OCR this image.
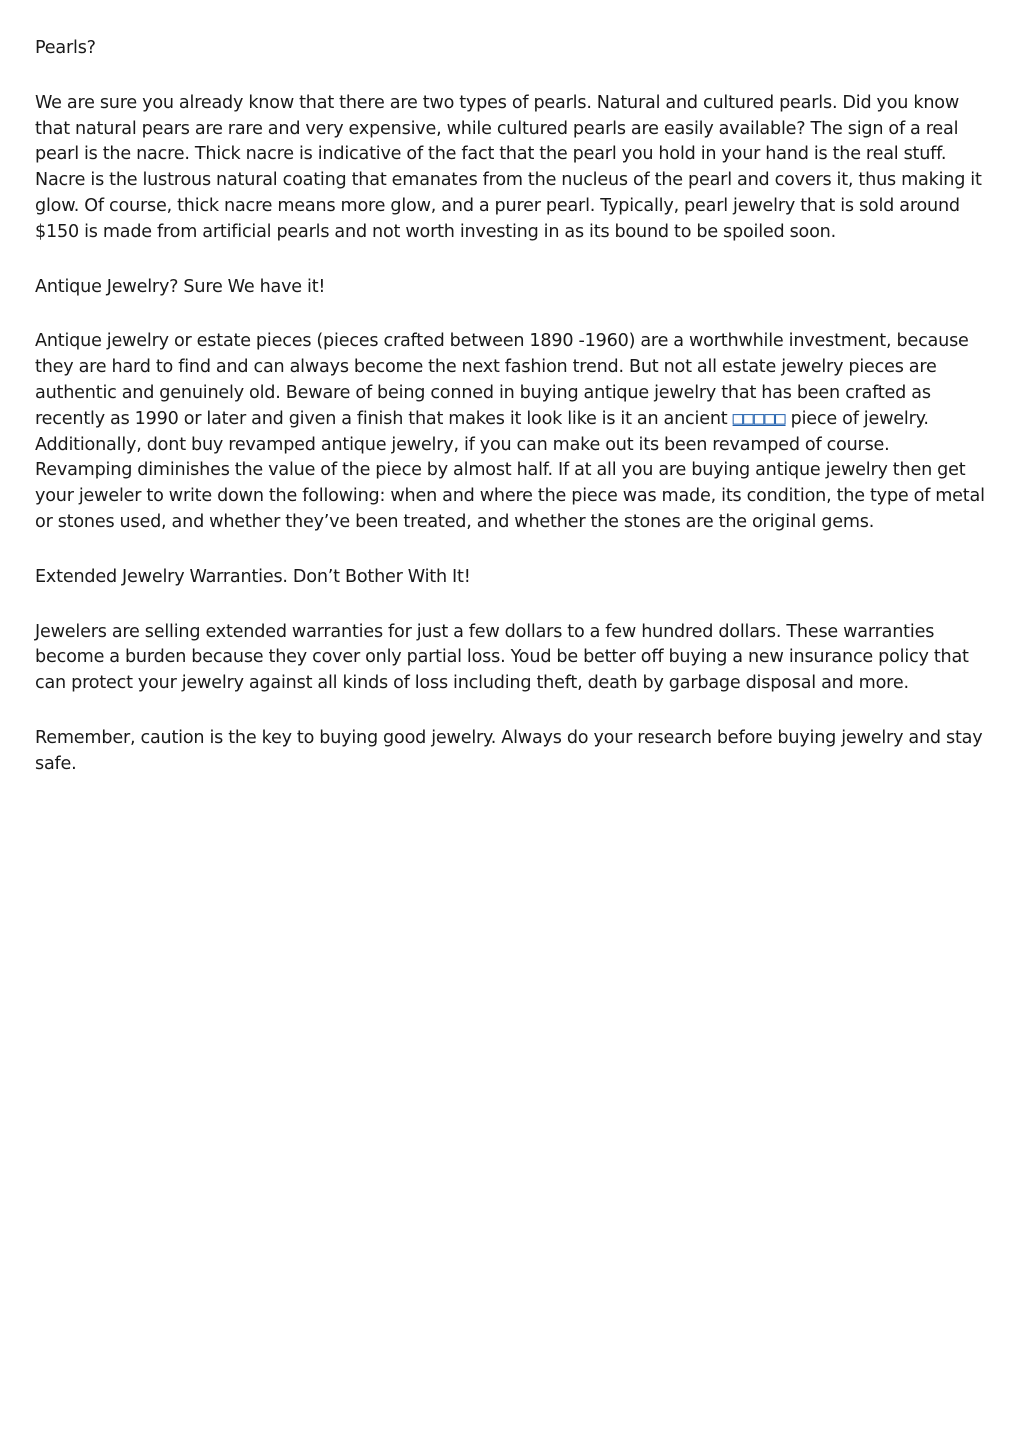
Pearls?

We are sure you already know that there are two types of pearls. Natural and cultured pearls. Did you know that natural pears are rare and very expensive, while cultured pearls are easily available? The sign of a real pearl is the nacre. Thick nacre is indicative of the fact that the pearl you hold in your hand is the real stuff. Nacre is the lustrous natural coating that emanates from the nucleus of the pearl and covers it, thus making it glow. Of course, thick nacre means more glow, and a purer pearl. Typically, pearl jewelry that is sold around $150 is made from artificial pearls and not worth investing in as its bound to be spoiled soon.

Antique Jewelry? Sure We have it!

Antique jewelry or estate pieces (pieces crafted between 1890 -1960) are a worthwhile investment, because they are hard to find and can always become the next fashion trend. But not all estate jewelry pieces are authentic and genuinely old. Beware of being conned in buying antique jewelry that has been crafted as recently as 1990 or later and given a finish that makes it look like is it an ancient □□□□□ piece of jewelry. Additionally, dont buy revamped antique jewelry, if you can make out its been revamped of course. Revamping diminishes the value of the piece by almost half. If at all you are buying antique jewelry then get your jeweler to write down the following: when and where the piece was made, its condition, the type of metal or stones used, and whether they’ve been treated, and whether the stones are the original gems.

Extended Jewelry Warranties. Don’t Bother With It!

Jewelers are selling extended warranties for just a few dollars to a few hundred dollars. These warranties become a burden because they cover only partial loss. Youd be better off buying a new insurance policy that can protect your jewelry against all kinds of loss including theft, death by garbage disposal and more.

Remember, caution is the key to buying good jewelry. Always do your research before buying jewelry and stay safe.
